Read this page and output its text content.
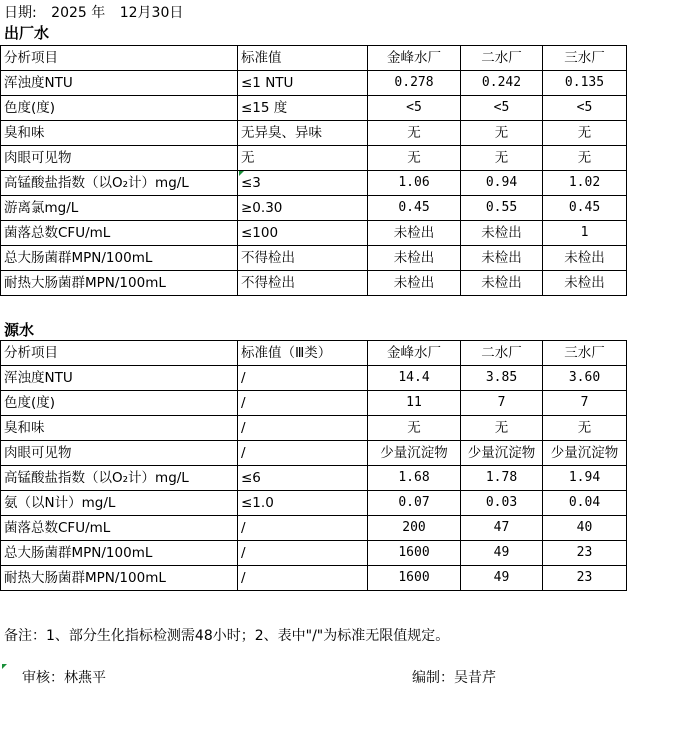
日期: 2025 年 12月30日
出厂水
分析项目	标准值	金峰水厂	二水厂	三水厂
浑浊度NTU	≤1 NTU	0.278	0.242	0.135
色度(度)	≤15 度	<5	<5	<5
臭和味	无异臭、异味	无	无	无
肉眼可见物	无	无	无	无
高锰酸盐指数（以O₂计）mg/L	≤3	1.06	0.94	1.02
游离氯mg/L	≥0.30	0.45	0.55	0.45
菌落总数CFU/mL	≤100	未检出	未检出	1
总大肠菌群MPN/100mL	不得检出	未检出	未检出	未检出
耐热大肠菌群MPN/100mL	不得检出	未检出	未检出	未检出
源水
分析项目	标准值（Ⅲ类）	金峰水厂	二水厂	三水厂
浑浊度NTU	/	14.4	3.85	3.60
色度(度)	/	11	7	7
臭和味	/	无	无	无
肉眼可见物	/	少量沉淀物	少量沉淀物	少量沉淀物
高锰酸盐指数（以O₂计）mg/L	≤6	1.68	1.78	1.94
氨（以N计）mg/L	≤1.0	0.07	0.03	0.04
菌落总数CFU/mL	/	200	47	40
总大肠菌群MPN/100mL	/	1600	49	23
耐热大肠菌群MPN/100mL	/	1600	49	23
备注：1、部分生化指标检测需48小时；2、表中"/"为标准无限值规定。
审核：林燕平	编制：吴昔芹
